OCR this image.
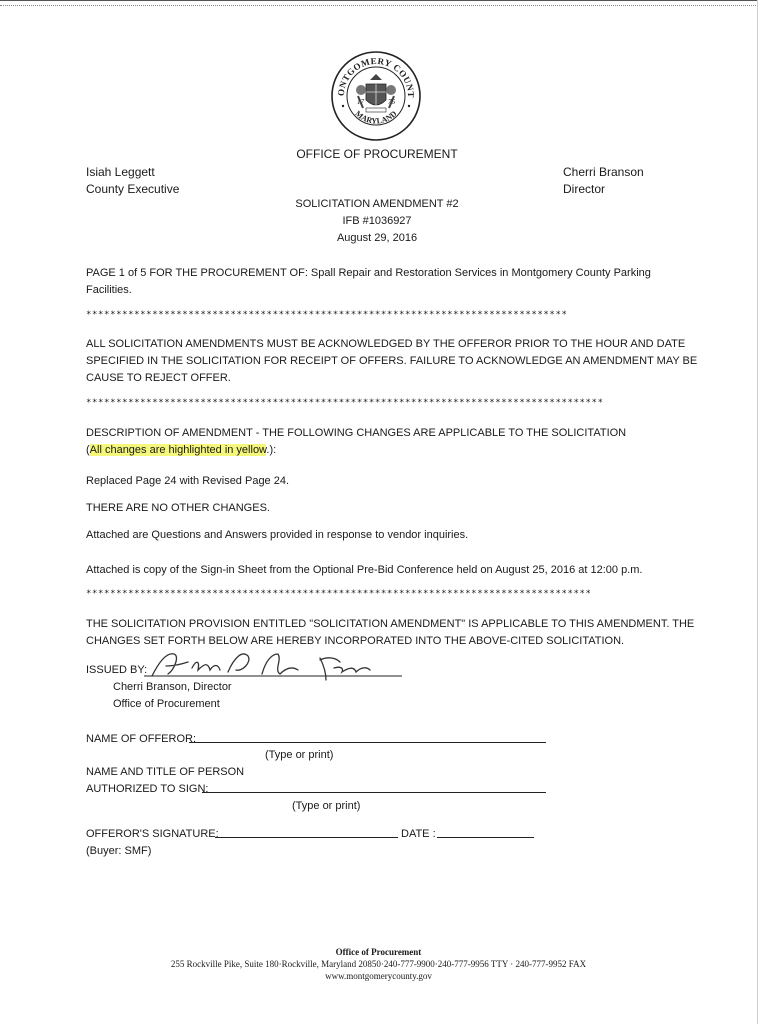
ONTGOMERY COUNT
MARYLAND
17	76
OFFICE OF PROCUREMENT
Isiah Leggett
County Executive
Cherri Branson
Director
SOLICITATION AMENDMENT #2
IFB #1036927
August 29, 2016
PAGE 1 of 5 FOR THE PROCUREMENT OF: Spall Repair and Restoration Services in Montgomery County Parking
Facilities.
********************************************************************************
ALL SOLICITATION AMENDMENTS MUST BE ACKNOWLEDGED BY THE OFFEROR PRIOR TO THE HOUR AND DATE
SPECIFIED IN THE SOLICITATION FOR RECEIPT OF OFFERS. FAILURE TO ACKNOWLEDGE AN AMENDMENT MAY BE
CAUSE TO REJECT OFFER.
**************************************************************************************
DESCRIPTION OF AMENDMENT - THE FOLLOWING CHANGES ARE APPLICABLE TO THE SOLICITATION
(All changes are highlighted in yellow.):
Replaced Page 24 with Revised Page 24.
THERE ARE NO OTHER CHANGES.
Attached are Questions and Answers provided in response to vendor inquiries.
Attached is copy of the Sign-in Sheet from the Optional Pre-Bid Conference held on August 25, 2016 at 12:00 p.m.
************************************************************************************
THE SOLICITATION PROVISION ENTITLED "SOLICITATION AMENDMENT" IS APPLICABLE TO THIS AMENDMENT. THE
CHANGES SET FORTH BELOW ARE HEREBY INCORPORATED INTO THE ABOVE-CITED SOLICITATION.
ISSUED BY:
Cherri Branson, Director
Office of Procurement
NAME OF OFFEROR:
(Type or print)
NAME AND TITLE OF PERSON
AUTHORIZED TO SIGN:
(Type or print)
OFFEROR'S SIGNATURE:	DATE :
(Buyer: SMF)
Office of Procurement
255 Rockville Pike, Suite 180·Rockville, Maryland 20850·240-777-9900·240-777-9956 TTY · 240-777-9952 FAX
www.montgomerycounty.gov
